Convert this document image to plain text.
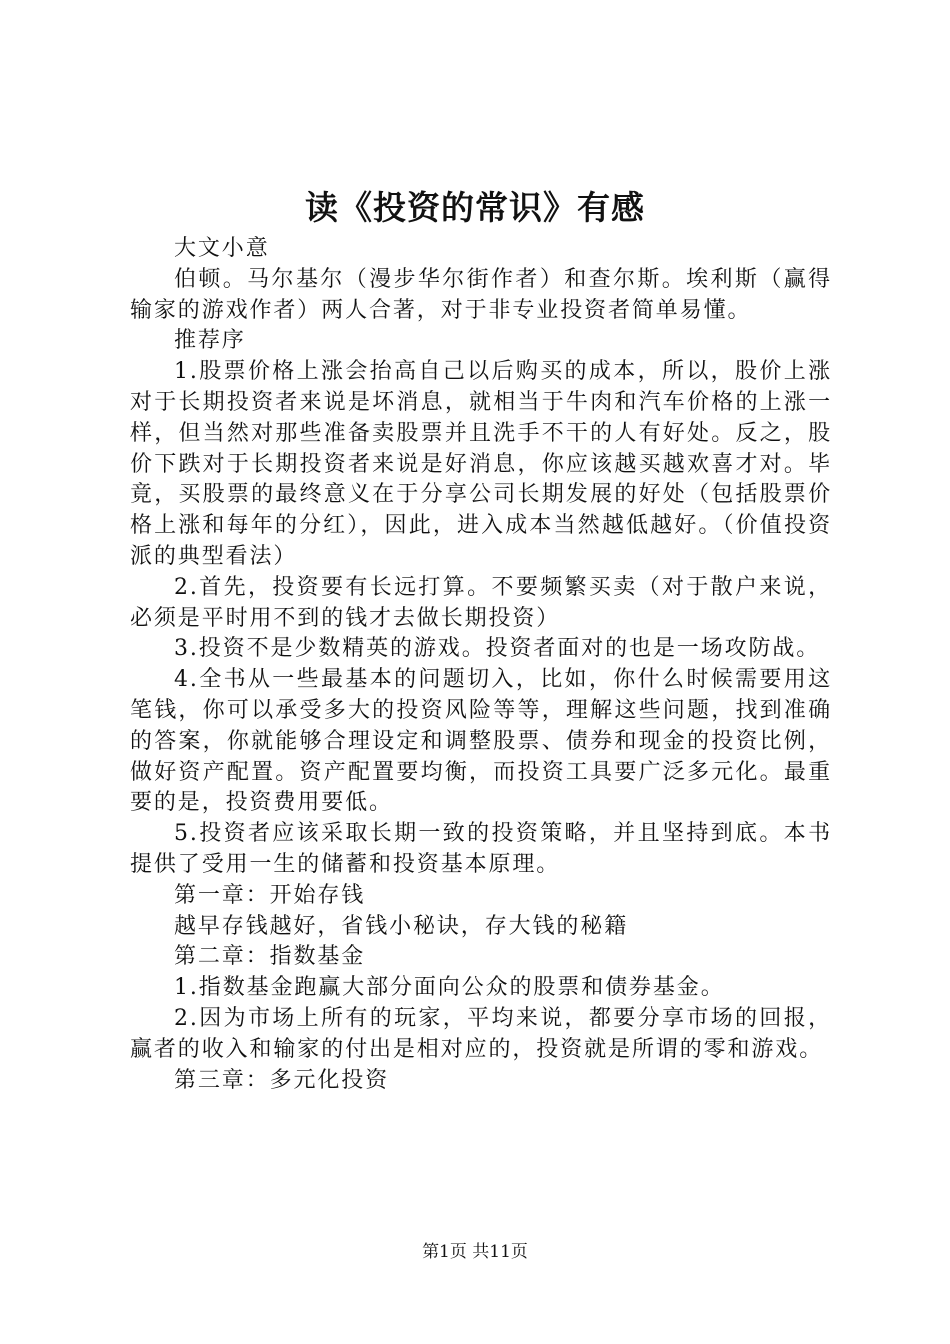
读《投资的常识》有感

大文小意

伯顿。马尔基尔（漫步华尔街作者）和查尔斯。埃利斯（赢得输家的游戏作者）两人合著，对于非专业投资者简单易懂。

推荐序

1.股票价格上涨会抬高自己以后购买的成本，所以，股价上涨对于长期投资者来说是坏消息，就相当于牛肉和汽车价格的上涨一样，但当然对那些准备卖股票并且洗手不干的人有好处。反之，股价下跌对于长期投资者来说是好消息，你应该越买越欢喜才对。毕竟，买股票的最终意义在于分享公司长期发展的好处（包括股票价格上涨和每年的分红），因此，进入成本当然越低越好。（价值投资派的典型看法）

2.首先，投资要有长远打算。不要频繁买卖（对于散户来说，必须是平时用不到的钱才去做长期投资）

3.投资不是少数精英的游戏。投资者面对的也是一场攻防战。

4.全书从一些最基本的问题切入，比如，你什么时候需要用这笔钱，你可以承受多大的投资风险等等，理解这些问题，找到准确的答案，你就能够合理设定和调整股票、债券和现金的投资比例，做好资产配置。资产配置要均衡，而投资工具要广泛多元化。最重要的是，投资费用要低。

5.投资者应该采取长期一致的投资策略，并且坚持到底。本书提供了受用一生的储蓄和投资基本原理。

第一章：开始存钱

越早存钱越好，省钱小秘诀，存大钱的秘籍

第二章：指数基金

1.指数基金跑赢大部分面向公众的股票和债券基金。

2.因为市场上所有的玩家，平均来说，都要分享市场的回报，赢者的收入和输家的付出是相对应的，投资就是所谓的零和游戏。

第三章：多元化投资

第1页 共11页
